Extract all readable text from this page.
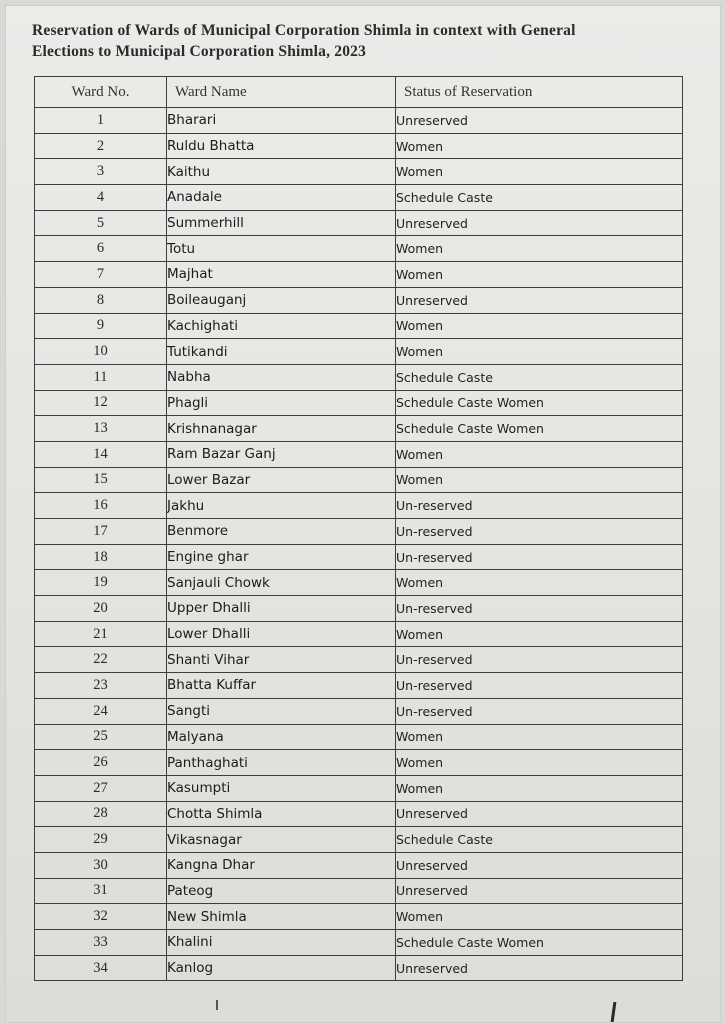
Reservation of Wards of Municipal Corporation Shimla in context with General
Elections to Municipal Corporation Shimla, 2023
Ward No.	Ward Name	Status of Reservation
1	Bharari	Unreserved
2	Ruldu Bhatta	Women
3	Kaithu	Women
4	Anadale	Schedule Caste
5	Summerhill	Unreserved
6	Totu	Women
7	Majhat	Women
8	Boileauganj	Unreserved
9	Kachighati	Women
10	Tutikandi	Women
11	Nabha	Schedule Caste
12	Phagli	Schedule Caste Women
13	Krishnanagar	Schedule Caste Women
14	Ram Bazar Ganj	Women
15	Lower Bazar	Women
16	Jakhu	Un-reserved
17	Benmore	Un-reserved
18	Engine ghar	Un-reserved
19	Sanjauli Chowk	Women
20	Upper Dhalli	Un-reserved
21	Lower Dhalli	Women
22	Shanti Vihar	Un-reserved
23	Bhatta Kuffar	Un-reserved
24	Sangti	Un-reserved
25	Malyana	Women
26	Panthaghati	Women
27	Kasumpti	Women
28	Chotta Shimla	Unreserved
29	Vikasnagar	Schedule Caste
30	Kangna Dhar	Unreserved
31	Pateog	Unreserved
32	New Shimla	Women
33	Khalini	Schedule Caste Women
34	Kanlog	Unreserved
